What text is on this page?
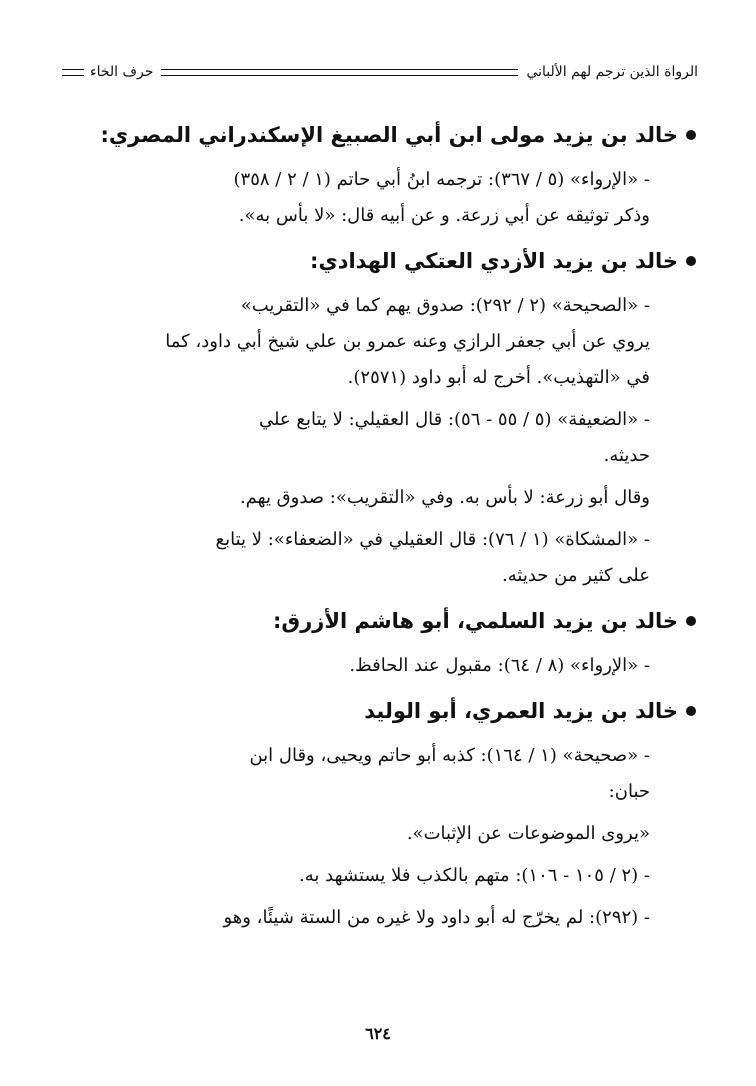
الرواة الذين ترجم لهم الألباني
حرف الخاء
خالد بن يزيد مولى ابن أبي الصبيغ الإسكندراني المصري:
- «الإرواء» (٥ / ٣٦٧): ترجمه ابنُ أبي حاتم (١ / ٢ / ٣٥٨)
وذكر توثيقه عن أبي زرعة. و عن أبيه قال: «لا بأس به».
خالد بن يزيد الأزدي العتكي الهدادي:
- «الصحيحة» (٢ / ٢٩٢): صدوق يهم كما في «التقريب»
يروي عن أبي جعفر الرازي وعنه عمرو بن علي شيخ أبي داود، كما
في «التهذيب». أخرج له أبو داود (٢٥٧١).
- «الضعيفة» (٥ / ٥٥ - ٥٦): قال العقيلي: لا يتابع علي
حديثه.
وقال أبو زرعة: لا بأس به. وفي «التقريب»: صدوق يهم.
- «المشكاة» (١ / ٧٦): قال العقيلي في «الضعفاء»: لا يتابع
على كثير من حديثه.
خالد بن يزيد السلمي، أبو هاشم الأزرق:
- «الإرواء» (٨ / ٦٤): مقبول عند الحافظ.
خالد بن يزيد العمري، أبو الوليد
- «صحيحة» (١ / ١٦٤): كذبه أبو حاتم ويحيى، وقال ابن
حبان:
«يروى الموضوعات عن الإثبات».
- (٢ / ١٠٥ - ١٠٦): متهم بالكذب فلا يستشهد به.
- (٢٩٢): لم يخرّج له أبو داود ولا غيره من الستة شيئًا، وهو
٦٢٤
